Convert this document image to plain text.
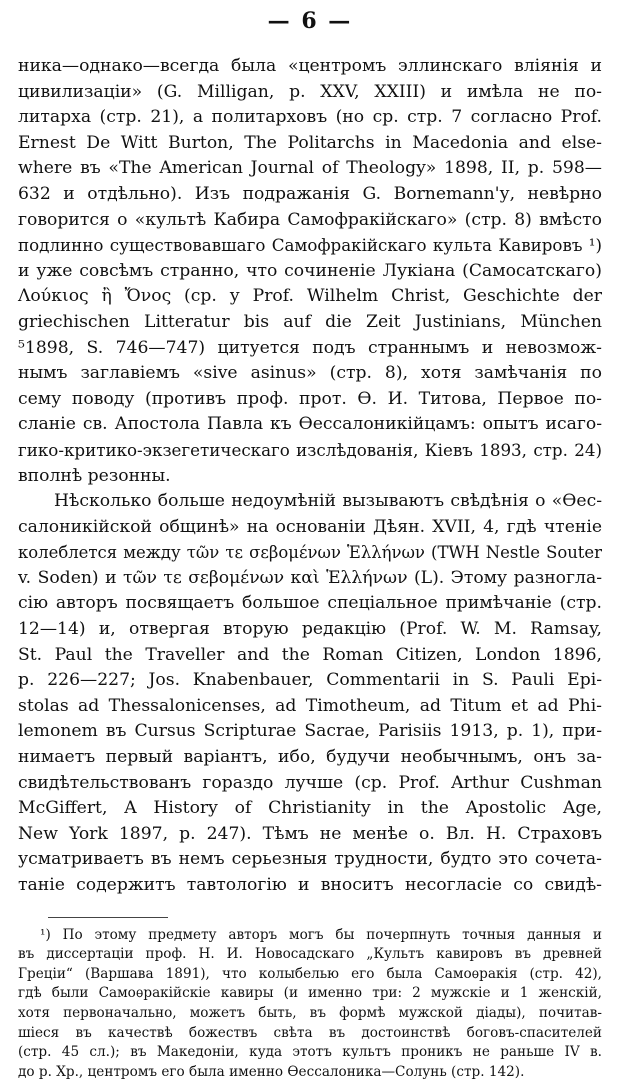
— 6 —

ника—однако—всегда была «центромъ эллинскаго вліянія и
цивилизаціи» (G. Milligan, p. XXV, XXIII) и имѣла не по-
литарха (стр. 21), а политарховъ (но ср. стр. 7 согласно Prof.
Ernest De Witt Burton, The Politarchs in Macedonia and else-
where въ «The American Journal of Theology» 1898, II, p. 598—
632 и отдѣльно). Изъ подражанія G. Bornemann'у, невѣрно
говорится о «культѣ Кабира Самофракійскаго» (стр. 8) вмѣсто
подлинно существовавшаго Самофракійскаго культа Кавировъ ¹)
и уже совсѣмъ странно, что сочиненіе Лукіана (Самосатскаго)
Λούκιος ἢ Ὄνος (ср. у Prof. Wilhelm Christ, Geschichte der
griechischen Litteratur bis auf die Zeit Justinians, München
⁵1898, S. 746—747) цитуется подъ страннымъ и невозмож-
нымъ заглавіемъ «sive asinus» (стр. 8), хотя замѣчанія по
сему поводу (противъ проф. прот. Ѳ. И. Титова, Первое по-
сланіе св. Апостола Павла къ Ѳессалоникійцамъ: опытъ исаго-
гико-критико-экзегетическаго изслѣдованія, Кіевъ 1893, стр. 24)
вполнѣ резонны.

Нѣсколько больше недоумѣній вызываютъ свѣдѣнія о «Ѳес-
салоникійской общинѣ» на основаніи Дѣян. XVII, 4, гдѣ чтеніе
колеблется между τῶν τε σεβομένων Ἑλλήνων (TWH Nestle Souter
v. Soden) и τῶν τε σεβομένων καὶ Ἑλλήνων (L). Этому разногла-
сію авторъ посвящаетъ большое спеціальное примѣчаніе (стр.
12—14) и, отвергая вторую редакцію (Prof. W. M. Ramsay,
St. Paul the Traveller and the Roman Citizen, London 1896,
p. 226—227; Jos. Knabenbauer, Commentarii in S. Pauli Epi-
stolas ad Thessalonicenses, ad Timotheum, ad Titum et ad Phi-
lemonem въ Cursus Scripturae Sacrae, Parisiis 1913, p. 1), при-
нимаетъ первый варіантъ, ибо, будучи необычнымъ, онъ за-
свидѣтельствованъ гораздо лучше (ср. Prof. Arthur Cushman
McGiffert, A History of Christianity in the Apostolic Age,
New York 1897, p. 247). Тѣмъ не менѣе о. Вл. Н. Страховъ
усматриваетъ въ немъ серьезныя трудности, будто это сочета-
таніе содержитъ тавтологію и вноситъ несогласіе со свидѣ-

¹) По этому предмету авторъ могъ бы почерпнуть точныя данныя и
въ диссертаціи проф. Н. И. Новосадскаго „Культъ кавировъ въ древней
Греціи“ (Варшава 1891), что колыбелью его была Самоѳракія (стр. 42),
гдѣ были Самоѳракійскіе кавиры (и именно три: 2 мужскіе и 1 женскій,
хотя первоначально, можетъ быть, въ формѣ мужской діады), почитав-
шіеся въ качествѣ божествъ свѣта въ достоинствѣ боговъ-спасителей
(стр. 45 сл.); въ Македоніи, куда этотъ культъ проникъ не раньше IV в.
до р. Хр., центромъ его была именно Ѳессалоника—Солунь (стр. 142).
